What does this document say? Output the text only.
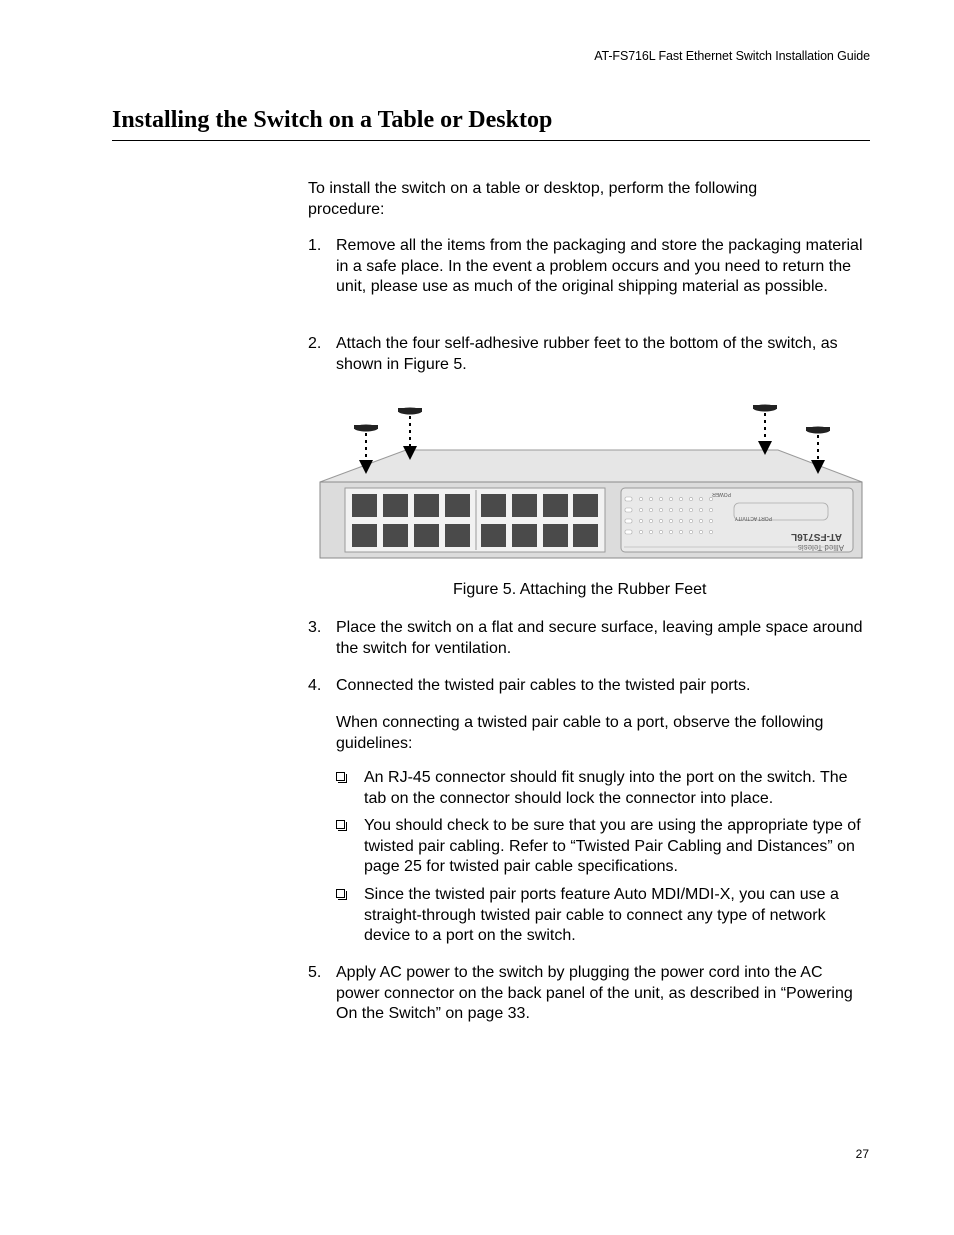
AT-FS716L Fast Ethernet Switch Installation Guide
Installing the Switch on a Table or Desktop

To install the switch on a table or desktop, perform the following procedure:

1. Remove all the items from the packaging and store the packaging material in a safe place. In the event a problem occurs and you need to return the unit, please use as much of the original shipping material as possible.
2. Attach the four self-adhesive rubber feet to the bottom of the switch, as shown in Figure 5.
3. Place the switch on a flat and secure surface, leaving ample space around the switch for ventilation.
4. Connected the twisted pair cables to the twisted pair ports.

When connecting a twisted pair cable to a port, observe the following guidelines:

An RJ-45 connector should fit snugly into the port on the switch. The tab on the connector should lock the connector into place.
You should check to be sure that you are using the appropriate type of twisted pair cabling. Refer to “Twisted Pair Cabling and Distances” on page 25 for twisted pair cable specifications.
Since the twisted pair ports feature Auto MDI/MDI-X, you can use a straight-through twisted pair cable to connect any type of network device to a port on the switch.
5. Apply AC power to the switch by plugging the power cord into the AC power connector on the back panel of the unit, as described in “Powering On the Switch” on page 33.
PORT ACTIVITY
POWER
AT-FS716L
Allied Telesis
Figure 5. Attaching the Rubber Feet
27
